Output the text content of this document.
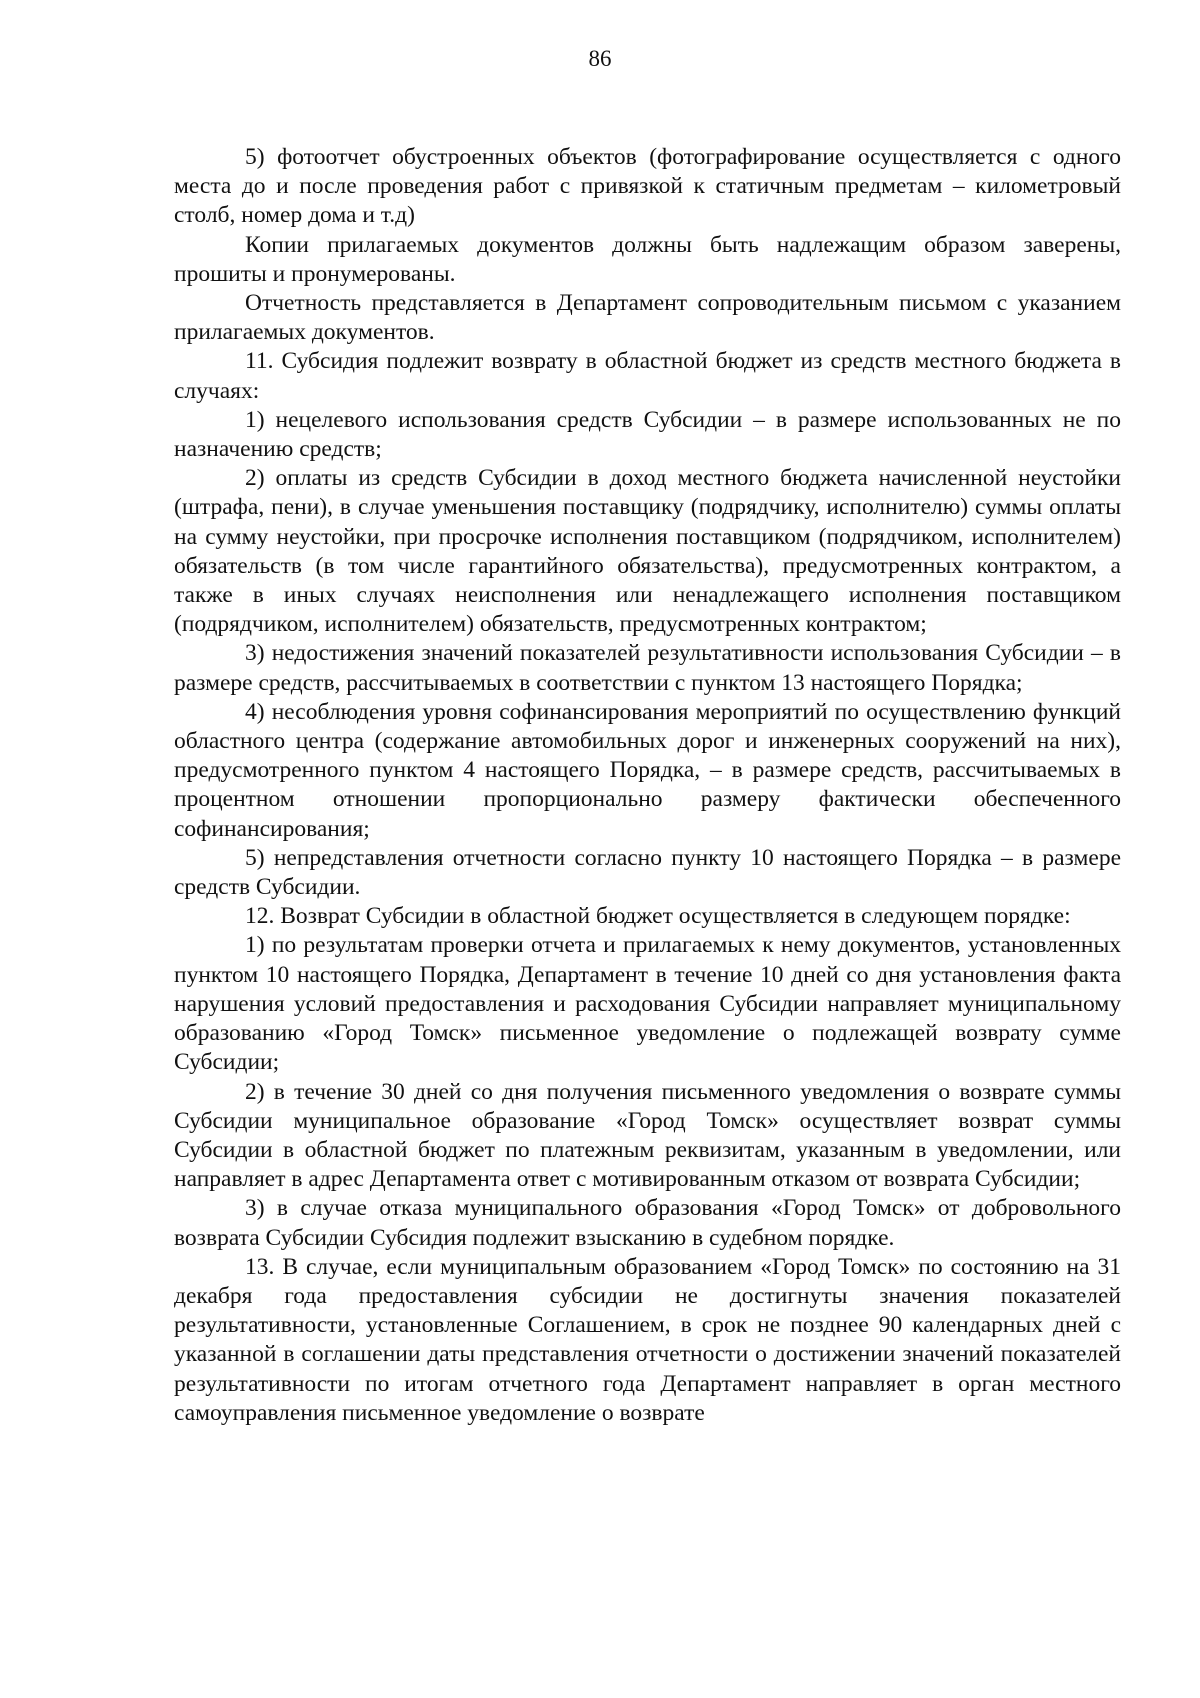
86

5) фотоотчет обустроенных объектов (фотографирование осуществляется с одного места до и после проведения работ с привязкой к статичным предметам – километровый столб, номер дома и т.д)

Копии прилагаемых документов должны быть надлежащим образом заверены, прошиты и пронумерованы.

Отчетность представляется в Департамент сопроводительным письмом с указанием прилагаемых документов.

11. Субсидия подлежит возврату в областной бюджет из средств местного бюджета в случаях:

1) нецелевого использования средств Субсидии – в размере использованных не по назначению средств;

2) оплаты из средств Субсидии в доход местного бюджета начисленной неустойки (штрафа, пени), в случае уменьшения поставщику (подрядчику, исполнителю) суммы оплаты на сумму неустойки, при просрочке исполнения поставщиком (подрядчиком, исполнителем) обязательств (в том числе гарантийного обязательства), предусмотренных контрактом, а также в иных случаях неисполнения или ненадлежащего исполнения поставщиком (подрядчиком, исполнителем) обязательств, предусмотренных контрактом;

3) недостижения значений показателей результативности использования Субсидии – в размере средств, рассчитываемых в соответствии с пунктом 13 настоящего Порядка;

4) несоблюдения уровня софинансирования мероприятий по осуществлению функций областного центра (содержание автомобильных дорог и инженерных сооружений на них), предусмотренного пунктом 4 настоящего Порядка, – в размере средств, рассчитываемых в процентном отношении пропорционально размеру фактически обеспеченного софинансирования;

5) непредставления отчетности согласно пункту 10 настоящего Порядка – в размере средств Субсидии.

12. Возврат Субсидии в областной бюджет осуществляется в следующем порядке:

1) по результатам проверки отчета и прилагаемых к нему документов, установленных пунктом 10 настоящего Порядка, Департамент в течение 10 дней со дня установления факта нарушения условий предоставления и расходования Субсидии направляет муниципальному образованию «Город Томск» письменное уведомление о подлежащей возврату сумме Субсидии;

2) в течение 30 дней со дня получения письменного уведомления о возврате суммы Субсидии муниципальное образование «Город Томск» осуществляет возврат суммы Субсидии в областной бюджет по платежным реквизитам, указанным в уведомлении, или направляет в адрес Департамента ответ с мотивированным отказом от возврата Субсидии;

3) в случае отказа муниципального образования «Город Томск» от добровольного возврата Субсидии Субсидия подлежит взысканию в судебном порядке.

13. В случае, если муниципальным образованием «Город Томск» по состоянию на 31 декабря года предоставления субсидии не достигнуты значения показателей результативности, установленные Соглашением, в срок не позднее 90 календарных дней с указанной в соглашении даты представления отчетности о достижении значений показателей результативности по итогам отчетного года Департамент направляет в орган местного самоуправления письменное уведомление о возврате
